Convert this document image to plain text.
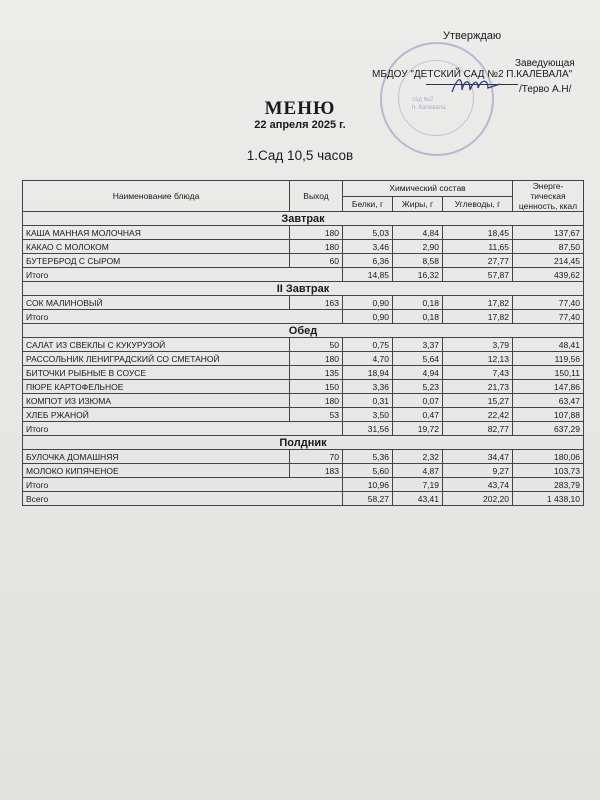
сад №2
п. Калевала
Утверждаю
Заведующая
МБДОУ "ДЕТСКИЙ САД №2 П.КАЛЕВАЛА"
/Терво А.Н/
МЕНЮ
22 апреля 2025 г.
1.Сад 10,5 часов
Наименование блюда	Выход	Химический состав			Энерге-тическая ценность, ккал
		Белки, г	Жиры, г	Углеводы, г	
Завтрак					
КАША МАННАЯ МОЛОЧНАЯ	180	5,03	4,84	18,45	137,67
КАКАО С МОЛОКОМ	180	3,46	2,90	11,65	87,50
БУТЕРБРОД С СЫРОМ	60	6,36	8,58	27,77	214,45
Итого		14,85	16,32	57,87	439,62
II Завтрак					
СОК МАЛИНОВЫЙ	163	0,90	0,18	17,82	77,40
Итого		0,90	0,18	17,82	77,40
Обед					
САЛАТ ИЗ СВЕКЛЫ С КУКУРУЗОЙ	50	0,75	3,37	3,79	48,41
РАССОЛЬНИК ЛЕНИГРАДСКИЙ СО СМЕТАНОЙ	180	4,70	5,64	12,13	119,56
БИТОЧКИ РЫБНЫЕ В СОУСЕ	135	18,94	4,94	7,43	150,11
ПЮРЕ КАРТОФЕЛЬНОЕ	150	3,36	5,23	21,73	147,86
КОМПОТ ИЗ ИЗЮМА	180	0,31	0,07	15,27	63,47
ХЛЕБ РЖАНОЙ	53	3,50	0,47	22,42	107,88
Итого		31,56	19,72	82,77	637,29
Полдник					
БУЛОЧКА ДОМАШНЯЯ	70	5,36	2,32	34,47	180,06
МОЛОКО КИПЯЧЕНОЕ	183	5,60	4,87	9,27	103,73
Итого		10,96	7,19	43,74	283,79
Всего		58,27	43,41	202,20	1 438,10
